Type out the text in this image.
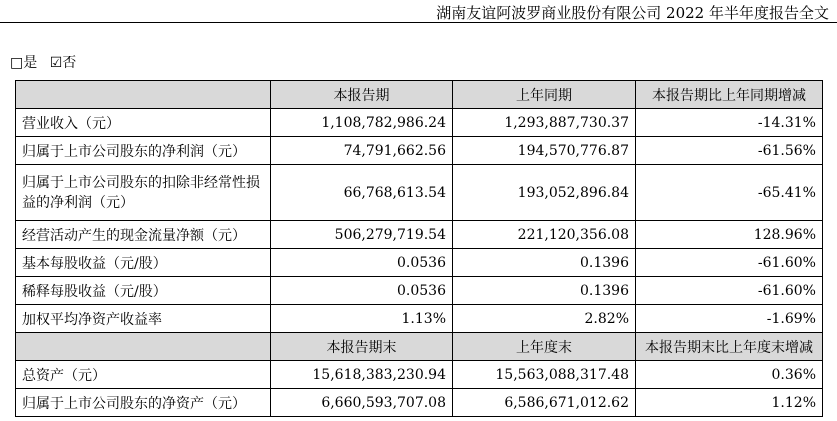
湖南友谊阿波罗商业股份有限公司 2022 年半年度报告全文
□是 ☑否
	本报告期	上年同期	本报告期比上年同期增减
营业收入（元）	1,108,782,986.24	1,293,887,730.37	-14.31%
归属于上市公司股东的净利润（元）	74,791,662.56	194,570,776.87	-61.56%
归属于上市公司股东的扣除非经常性损益的净利润（元）	66,768,613.54	193,052,896.84	-65.41%
经营活动产生的现金流量净额（元）	506,279,719.54	221,120,356.08	128.96%
基本每股收益（元/股）	0.0536	0.1396	-61.60%
稀释每股收益（元/股）	0.0536	0.1396	-61.60%
加权平均净资产收益率	1.13%	2.82%	-1.69%
	本报告期末	上年度末	本报告期末比上年度末增减
总资产（元）	15,618,383,230.94	15,563,088,317.48	0.36%
归属于上市公司股东的净资产（元）	6,660,593,707.08	6,586,671,012.62	1.12%
